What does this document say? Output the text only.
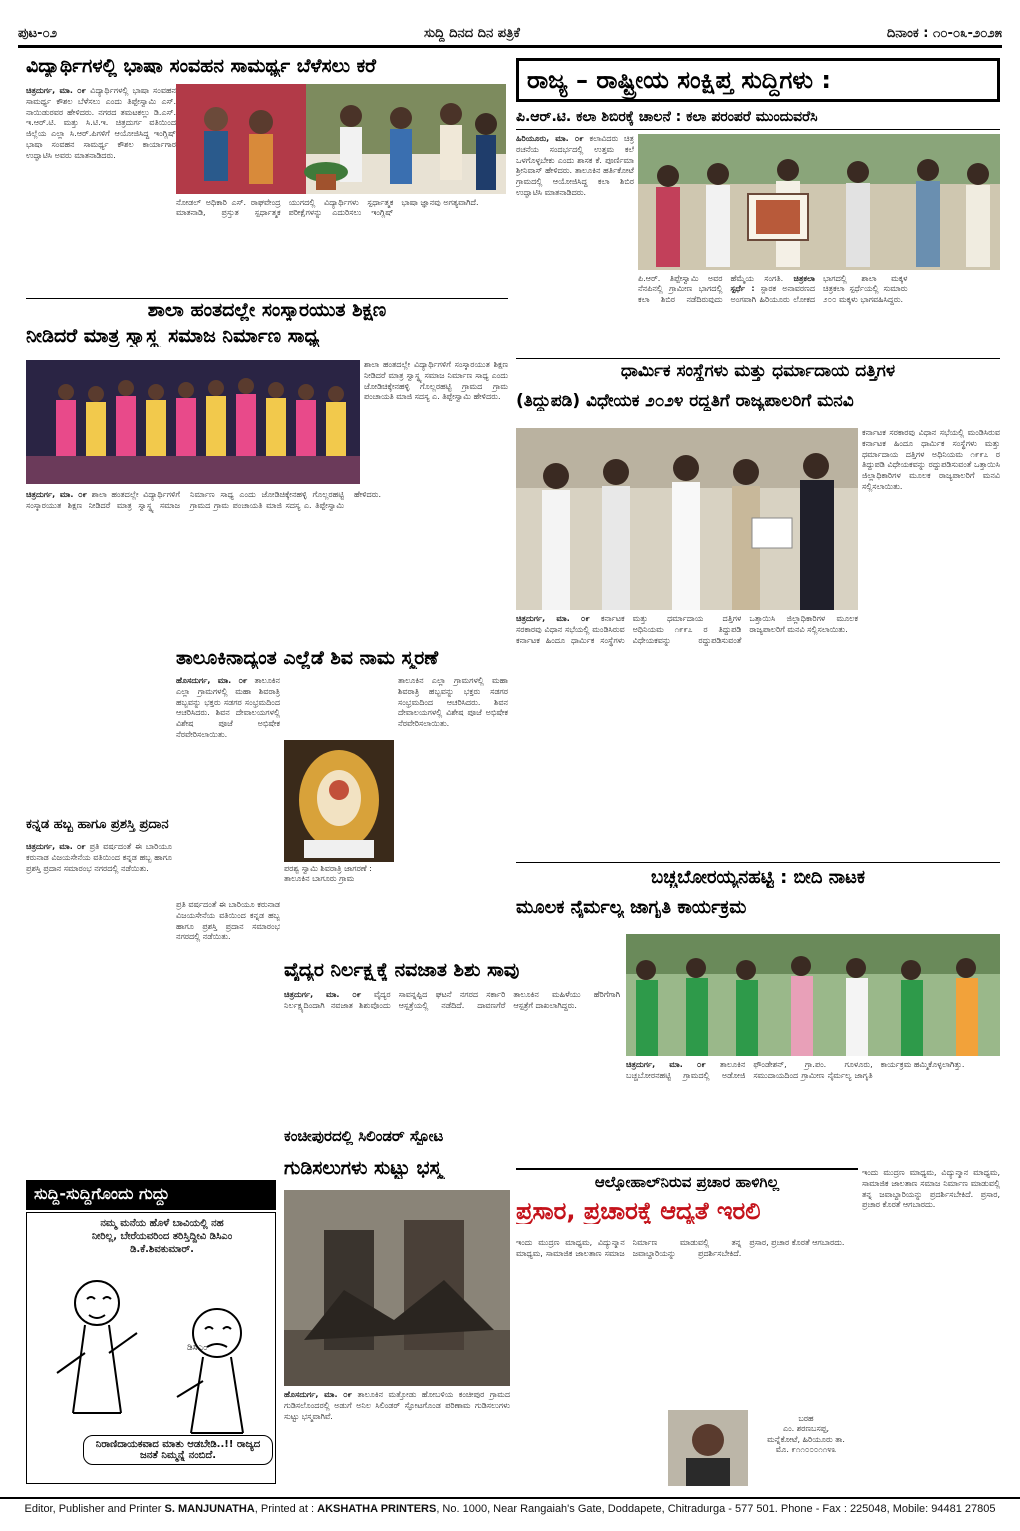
ಪುಟ-೦೨	ಸುದ್ದಿ ದಿನದ ದಿನ ಪತ್ರಿಕೆ	ದಿನಾಂಕ : ೧೦-೦೩-೨೦೨೫
ವಿದ್ಯಾರ್ಥಿಗಳಲ್ಲಿ ಭಾಷಾ ಸಂವಹನ ಸಾಮರ್ಥ್ಯ ಬೆಳೆಸಲು ಕರೆ
ಚಿತ್ರದುರ್ಗ, ಮಾ. ೦೯ ವಿದ್ಯಾರ್ಥಿಗಳಲ್ಲಿ ಭಾಷಾ ಸಂವಹನ ಸಾಮರ್ಥ್ಯ ಕೌಶಲ ಬೆಳೆಸಲು ಎಂದು ತಿಪ್ಪೇಸ್ವಾಮಿ ಎಸ್. ನಾಯಿಡುರವರ ಹೇಳಿದರು. ನಗರದ ತಮಟಕಲ್ಲು ಡಿ.ಎಸ್. ಇ.ಆರ್.ಟಿ. ಮತ್ತು ಸಿ.ಟಿ.ಇ. ಚಿತ್ರದುರ್ಗ ವತಿಯಿಂದ ಜಿಲ್ಲೆಯ ಎಲ್ಲಾ ಸಿ.ಆರ್.ಪಿಗಳಿಗೆ ಆಯೋಜಿಸಿದ್ದ ಇಂಗ್ಲಿಷ್ ಭಾಷಾ ಸಂವಹನ ಸಾಮರ್ಥ್ಯ ಕೌಶಲ ಕಾರ್ಯಾಗಾರ ಉದ್ಘಾಟಿಸಿ ಅವರು ಮಾತನಾಡಿದರು.
ನೋಡಲ್ ಅಧಿಕಾರಿ ಎಸ್. ರಾಘವೇಂದ್ರ ಮಾತನಾಡಿ, ಪ್ರಸ್ತುತ ಸ್ಪರ್ಧಾತ್ಮಕ ಯುಗದಲ್ಲಿ ವಿದ್ಯಾರ್ಥಿಗಳು ಸ್ಪರ್ಧಾತ್ಮಕ ಪರೀಕ್ಷೆಗಳನ್ನು ಎದುರಿಸಲು ಇಂಗ್ಲಿಷ್ ಭಾಷಾ ಜ್ಞಾನವು ಅಗತ್ಯವಾಗಿದೆ.
ಶಾಲಾ ಹಂತದಲ್ಲೇ ಸಂಸ್ಕಾರಯುತ ಶಿಕ್ಷಣ
ನೀಡಿದರೆ ಮಾತ್ರ ಸ್ವಾಸ್ಥ್ಯ ಸಮಾಜ ನಿರ್ಮಾಣ ಸಾಧ್ಯ
ಶಾಲಾ ಹಂತದಲ್ಲೇ ವಿದ್ಯಾರ್ಥಿಗಳಿಗೆ ಸಂಸ್ಕಾರಯುತ ಶಿಕ್ಷಣ ನೀಡಿದರೆ ಮಾತ್ರ ಸ್ವಾಸ್ಥ್ಯ ಸಮಾಜ ನಿರ್ಮಾಣ ಸಾಧ್ಯ ಎಂದು ಜೋಡಿಚಿಕ್ಕೇನಹಳ್ಳಿ ಗೊಲ್ಲರಹಟ್ಟಿ ಗ್ರಾಮದ ಗ್ರಾಮ ಪಂಚಾಯತಿ ಮಾಜಿ ಸದಸ್ಯ ಎ. ತಿಪ್ಪೇಸ್ವಾಮಿ ಹೇಳಿದರು.
ಚಿತ್ರದುರ್ಗ, ಮಾ. ೦೯ ಶಾಲಾ ಹಂತದಲ್ಲೇ ವಿದ್ಯಾರ್ಥಿಗಳಿಗೆ ಸಂಸ್ಕಾರಯುತ ಶಿಕ್ಷಣ ನೀಡಿದರೆ ಮಾತ್ರ ಸ್ವಾಸ್ಥ್ಯ ಸಮಾಜ ನಿರ್ಮಾಣ ಸಾಧ್ಯ ಎಂದು ಜೋಡಿಚಿಕ್ಕೇನಹಳ್ಳಿ ಗೊಲ್ಲರಹಟ್ಟಿ ಗ್ರಾಮದ ಗ್ರಾಮ ಪಂಚಾಯತಿ ಮಾಜಿ ಸದಸ್ಯ ಎ. ತಿಪ್ಪೇಸ್ವಾಮಿ ಹೇಳಿದರು.
ತಾಲೂಕಿನಾದ್ಯಂತ ಎಲ್ಲೆಡೆ ಶಿವ ನಾಮ ಸ್ಮರಣೆ
ಹೊಸದುರ್ಗ, ಮಾ. ೦೯ ತಾಲೂಕಿನ ಎಲ್ಲಾ ಗ್ರಾಮಗಳಲ್ಲಿ ಮಹಾ ಶಿವರಾತ್ರಿ ಹಬ್ಬವನ್ನು ಭಕ್ತರು ಸಡಗರ ಸಂಭ್ರಮದಿಂದ ಆಚರಿಸಿದರು. ಶಿವನ ದೇವಾಲಯಗಳಲ್ಲಿ ವಿಶೇಷ ಪೂಜೆ ಅಭಿಷೇಕ ನೆರವೇರಿಸಲಾಯಿತು.
ಪರಶ್ವ ಸ್ವಾಮಿ ಶಿವರಾತ್ರಿ ಜಾಗರಣೆ : ತಾಲೂಕಿನ ಬಾಗೂರು ಗ್ರಾಮ
ತಾಲೂಕಿನ ಎಲ್ಲಾ ಗ್ರಾಮಗಳಲ್ಲಿ ಮಹಾ ಶಿವರಾತ್ರಿ ಹಬ್ಬವನ್ನು ಭಕ್ತರು ಸಡಗರ ಸಂಭ್ರಮದಿಂದ ಆಚರಿಸಿದರು. ಶಿವನ ದೇವಾಲಯಗಳಲ್ಲಿ ವಿಶೇಷ ಪೂಜೆ ಅಭಿಷೇಕ ನೆರವೇರಿಸಲಾಯಿತು.
ಕನ್ನಡ ಹಬ್ಬ ಹಾಗೂ ಪ್ರಶಸ್ತಿ ಪ್ರದಾನ
ಚಿತ್ರದುರ್ಗ, ಮಾ. ೦೯ ಪ್ರತಿ ವರ್ಷದಂತೆ ಈ ಬಾರಿಯೂ ಕರುನಾಡ ವಿಜಯಸೇನೆಯ ವತಿಯಿಂದ ಕನ್ನಡ ಹಬ್ಬ ಹಾಗೂ ಪ್ರಶಸ್ತಿ ಪ್ರದಾನ ಸಮಾರಂಭ ನಗರದಲ್ಲಿ ನಡೆಯಿತು.
ಪ್ರತಿ ವರ್ಷದಂತೆ ಈ ಬಾರಿಯೂ ಕರುನಾಡ ವಿಜಯಸೇನೆಯ ವತಿಯಿಂದ ಕನ್ನಡ ಹಬ್ಬ ಹಾಗೂ ಪ್ರಶಸ್ತಿ ಪ್ರದಾನ ಸಮಾರಂಭ ನಗರದಲ್ಲಿ ನಡೆಯಿತು.
ವೈದ್ಯರ ನಿರ್ಲಕ್ಷ್ಯಕ್ಕೆ ನವಜಾತ ಶಿಶು ಸಾವು
ಚಿತ್ರದುರ್ಗ, ಮಾ. ೦೯ ವೈದ್ಯರ ನಿರ್ಲಕ್ಷ್ಯದಿಂದಾಗಿ ನವಜಾತ ಶಿಶುವೊಂದು ಸಾವನ್ನಪ್ಪಿದ ಘಟನೆ ನಗರದ ಸರ್ಕಾರಿ ಆಸ್ಪತ್ರೆಯಲ್ಲಿ ನಡೆದಿದೆ. ದಾವಣಗೆರೆ ತಾಲೂಕಿನ ಮಹಿಳೆಯು ಹೆರಿಗೆಗಾಗಿ ಆಸ್ಪತ್ರೆಗೆ ದಾಖಲಾಗಿದ್ದರು.
ಸುದ್ದಿ-ಸುದ್ದಿಗೊಂದು ಗುದ್ದು
ನಮ್ಮ ಮನೆಯ ಹೊಳೆ ಬಾವಿಯಲ್ಲಿ ನಹ ನೀರಿಲ್ಲ, ಬೇರೆಯವರಿಂದ ತರಿಸ್ತಿದ್ದೀವಿ ಡಿಸಿಎಂ ಡಿ.ಕೆ.ಶಿವಕುಮಾರ್.
ಡಿಸಿಎಂ
ನಿರಾಣಿದಾಯಕವಾದ ಮಾತು ಆಡಬೇಡಿ..!! ರಾಜ್ಯದ ಜನತೆ ನಿಮ್ಮನ್ನೆ ನಂಬಿದೆ.
ಕಂಚೀಪುರದಲ್ಲಿ ಸಿಲಿಂಡರ್ ಸ್ಫೋಟ
ಗುಡಿಸಲುಗಳು ಸುಟ್ಟು ಭಸ್ಮ
ಹೊಸದುರ್ಗ, ಮಾ. ೦೯ ತಾಲೂಕಿನ ಮತ್ತೋಡು ಹೋಬಳಿಯ ಕಂಚೀಪುರ ಗ್ರಾಮದ ಗುಡಿಸಲೊಂದರಲ್ಲಿ ಅಡುಗೆ ಅನಿಲ ಸಿಲಿಂಡರ್ ಸ್ಫೋಟಗೊಂಡ ಪರಿಣಾಮ ಗುಡಿಸಲುಗಳು ಸುಟ್ಟು ಭಸ್ಮವಾಗಿವೆ.
ರಾಜ್ಯ – ರಾಷ್ಟ್ರೀಯ ಸಂಕ್ಷಿಪ್ತ ಸುದ್ದಿಗಳು :
ಪಿ.ಆರ್.ಟಿ. ಕಲಾ ಶಿಬಿರಕ್ಕೆ ಚಾಲನೆ : ಕಲಾ ಪರಂಪರೆ ಮುಂದುವರೆಸಿ
ಹಿರಿಯೂರು, ಮಾ. ೦೯ ಕಲಾವಿದರು ಚಿತ್ರ ರಚನೆಯ ಸಂದರ್ಭದಲ್ಲಿ ಉತ್ತಮ ಕಲೆ ಒಳಗೊಳ್ಳಬೇಕು ಎಂದು ಶಾಸಕ ಕೆ. ಪೂರ್ಣಿಮಾ ಶ್ರೀನಿವಾಸ್ ಹೇಳಿದರು. ತಾಲೂಕಿನ ಹರ್ತಿಕೋಟೆ ಗ್ರಾಮದಲ್ಲಿ ಆಯೋಜಿಸಿದ್ದ ಕಲಾ ಶಿಬಿರ ಉದ್ಘಾಟಿಸಿ ಮಾತನಾಡಿದರು.
ಪಿ.ಆರ್. ತಿಪ್ಪೇಸ್ವಾಮಿ ಅವರ ನೆನಪಿನಲ್ಲಿ ಗ್ರಾಮೀಣ ಭಾಗದಲ್ಲಿ ಕಲಾ ಶಿಬಿರ ನಡೆದಿರುವುದು ಹೆಮ್ಮೆಯ ಸಂಗತಿ. ಚಿತ್ರಕಲಾ ಸ್ಪರ್ಧೆ : ಸ್ಪಾರಕ ಅನಾವರಣದ ಅಂಗವಾಗಿ ಹಿರಿಯೂರು ಲೋಕದ ಭಾಗದಲ್ಲಿ ಶಾಲಾ ಮಕ್ಕಳ ಚಿತ್ರಕಲಾ ಸ್ಪರ್ಧೆಯಲ್ಲಿ ಸುಮಾರು ೨೦೦ ಮಕ್ಕಳು ಭಾಗವಹಿಸಿದ್ದರು.
ಧಾರ್ಮಿಕ ಸಂಸ್ಥೆಗಳು ಮತ್ತು ಧರ್ಮಾದಾಯ ದತ್ತಿಗಳ
(ತಿದ್ದುಪಡಿ) ವಿಧೇಯಕ ೨೦೨೪ ರದ್ದತಿಗೆ ರಾಜ್ಯಪಾಲರಿಗೆ ಮನವಿ
ಕರ್ನಾಟಕ ಸರಕಾರವು ವಿಧಾನ ಸಭೆಯಲ್ಲಿ ಮಂಡಿಸಿರುವ ಕರ್ನಾಟಕ ಹಿಂದೂ ಧಾರ್ಮಿಕ ಸಂಸ್ಥೆಗಳು ಮತ್ತು ಧರ್ಮಾದಾಯ ದತ್ತಿಗಳ ಅಧಿನಿಯಮ ೧೯೯೭ ರ ತಿದ್ದುಪಡಿ ವಿಧೇಯಕವನ್ನು ರದ್ದುಪಡಿಸುವಂತೆ ಒತ್ತಾಯಿಸಿ ಜಿಲ್ಲಾಧಿಕಾರಿಗಳ ಮೂಲಕ ರಾಜ್ಯಪಾಲರಿಗೆ ಮನವಿ ಸಲ್ಲಿಸಲಾಯಿತು.
ಚಿತ್ರದುರ್ಗ, ಮಾ. ೦೯ ಕರ್ನಾಟಕ ಸರಕಾರವು ವಿಧಾನ ಸಭೆಯಲ್ಲಿ ಮಂಡಿಸಿರುವ ಕರ್ನಾಟಕ ಹಿಂದೂ ಧಾರ್ಮಿಕ ಸಂಸ್ಥೆಗಳು ಮತ್ತು ಧರ್ಮಾದಾಯ ದತ್ತಿಗಳ ಅಧಿನಿಯಮ ೧೯೯೭ ರ ತಿದ್ದುಪಡಿ ವಿಧೇಯಕವನ್ನು ರದ್ದುಪಡಿಸುವಂತೆ ಒತ್ತಾಯಿಸಿ ಜಿಲ್ಲಾಧಿಕಾರಿಗಳ ಮೂಲಕ ರಾಜ್ಯಪಾಲರಿಗೆ ಮನವಿ ಸಲ್ಲಿಸಲಾಯಿತು.
ಬಚ್ಚಬೋರಯ್ಯನಹಟ್ಟಿ : ಬೀದಿ ನಾಟಕ
ಮೂಲಕ ನೈರ್ಮಲ್ಯ ಜಾಗೃತಿ ಕಾರ್ಯಕ್ರಮ
ಚಿತ್ರದುರ್ಗ, ಮಾ. ೦೯ ತಾಲೂಕಿನ ಬಚ್ಚಬೋರನಹಟ್ಟಿ ಗ್ರಾಮದಲ್ಲಿ ಅಡೋಜಿ ಫೌಂಡೇಶನ್, ಗ್ರಾ.ಪಂ. ಗೂಳೂರು, ಸಮುದಾಯದಿಂದ ಗ್ರಾಮೀಣ ನೈರ್ಮಲ್ಯ ಜಾಗೃತಿ ಕಾರ್ಯಕ್ರಮ ಹಮ್ಮಿಕೊಳ್ಳಲಾಗಿತ್ತು.
ಆಲ್ಕೋಹಾಲ್‌ನಿರುವ ಪ್ರಚಾರ ಹಾಳಿಗಿಲ್ಲ
ಪ್ರಸಾರ, ಪ್ರಚಾರಕ್ಕೆ ಆದ್ಯತೆ ಇರಲಿ
ಇಂದು ಮುದ್ರಣ ಮಾಧ್ಯಮ, ವಿದ್ಯುನ್ಮಾನ ಮಾಧ್ಯಮ, ಸಾಮಾಜಿಕ ಜಾಲತಾಣ ಸಮಾಜ ನಿರ್ಮಾಣ ಮಾಡುವಲ್ಲಿ ತನ್ನ ಜವಾಬ್ದಾರಿಯನ್ನು ಪ್ರದರ್ಶಿಸಬೇಕಿದೆ. ಪ್ರಸಾರ, ಪ್ರಚಾರ ಕೊರತೆ ಆಗಬಾರದು.
ಇಂದು ಮುದ್ರಣ ಮಾಧ್ಯಮ, ವಿದ್ಯುನ್ಮಾನ ಮಾಧ್ಯಮ, ಸಾಮಾಜಿಕ ಜಾಲತಾಣ ಸಮಾಜ ನಿರ್ಮಾಣ ಮಾಡುವಲ್ಲಿ ತನ್ನ ಜವಾಬ್ದಾರಿಯನ್ನು ಪ್ರದರ್ಶಿಸಬೇಕಿದೆ. ಪ್ರಸಾರ, ಪ್ರಚಾರ ಕೊರತೆ ಆಗಬಾರದು.
ಬರಹ
ಎಂ. ಶರಣಬಸಪ್ಪ,
ಮನ್ನೆಕೋಟೆ, ಹಿರಿಯೂರು ತಾ.
ಮೊ. ೯೧೧೦೦೦೧೧೪೩
Editor, Publisher and Printer S. MANJUNATHA, Printed at : AKSHATHA PRINTERS, No. 1000, Near Rangaiah's Gate, Doddapete, Chitradurga - 577 501. Phone - Fax : 225048, Mobile: 94481 27805
